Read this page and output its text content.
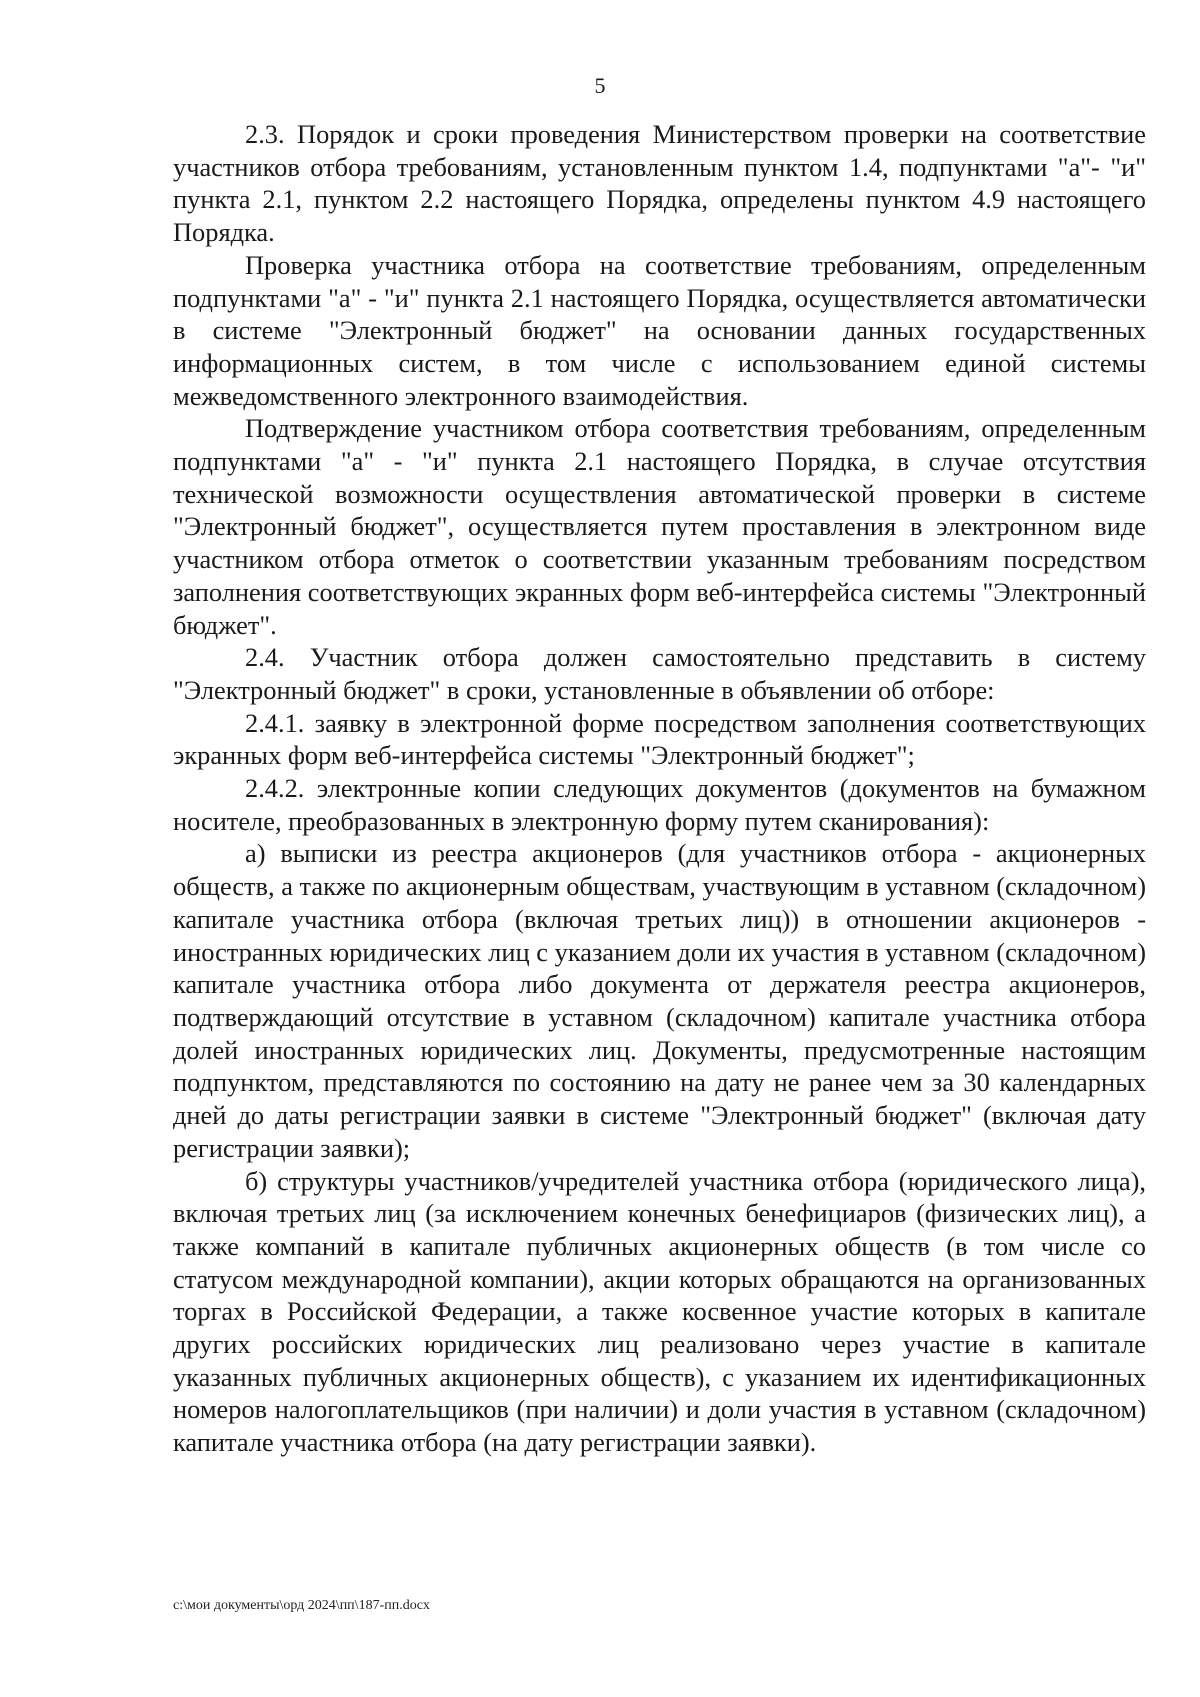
5

2.3. Порядок и сроки проведения Министерством проверки на соответствие участников отбора требованиям, установленным пунктом 1.4, подпунктами "а"- "и" пункта 2.1, пунктом 2.2 настоящего Порядка, определены пунктом 4.9 настоящего Порядка.

Проверка участника отбора на соответствие требованиям, определенным подпунктами "а" - "и" пункта 2.1 настоящего Порядка, осуществляется автоматически в системе "Электронный бюджет" на основании данных государственных информационных систем, в том числе с использованием единой системы межведомственного электронного взаимодействия.

Подтверждение участником отбора соответствия требованиям, определенным подпунктами "а" - "и" пункта 2.1 настоящего Порядка, в случае отсутствия технической возможности осуществления автоматической проверки в системе "Электронный бюджет", осуществляется путем проставления в электронном виде участником отбора отметок о соответствии указанным требованиям посредством заполнения соответствующих экранных форм веб-интерфейса системы "Электронный бюджет".

2.4. Участник отбора должен самостоятельно представить в систему "Электронный бюджет" в сроки, установленные в объявлении об отборе:

2.4.1. заявку в электронной форме посредством заполнения соответствующих экранных форм веб-интерфейса системы "Электронный бюджет";

2.4.2. электронные копии следующих документов (документов на бумажном носителе, преобразованных в электронную форму путем сканирования):

а) выписки из реестра акционеров (для участников отбора - акционерных обществ, а также по акционерным обществам, участвующим в уставном (складочном) капитале участника отбора (включая третьих лиц)) в отношении акционеров - иностранных юридических лиц с указанием доли их участия в уставном (складочном) капитале участника отбора либо документа от держателя реестра акционеров, подтверждающий отсутствие в уставном (складочном) капитале участника отбора долей иностранных юридических лиц. Документы, предусмотренные настоящим подпунктом, представляются по состоянию на дату не ранее чем за 30 календарных дней до даты регистрации заявки в системе "Электронный бюджет" (включая дату регистрации заявки);

б) структуры участников/учредителей участника отбора (юридического лица), включая третьих лиц (за исключением конечных бенефициаров (физических лиц), а также компаний в капитале публичных акционерных обществ (в том числе со статусом международной компании), акции которых обращаются на организованных торгах в Российской Федерации, а также косвенное участие которых в капитале других российских юридических лиц реализовано через участие в капитале указанных публичных акционерных обществ), с указанием их идентификационных номеров налогоплательщиков (при наличии) и доли участия в уставном (складочном) капитале участника отбора (на дату регистрации заявки).

c:\мои документы\орд 2024\пп\187-пп.docx
